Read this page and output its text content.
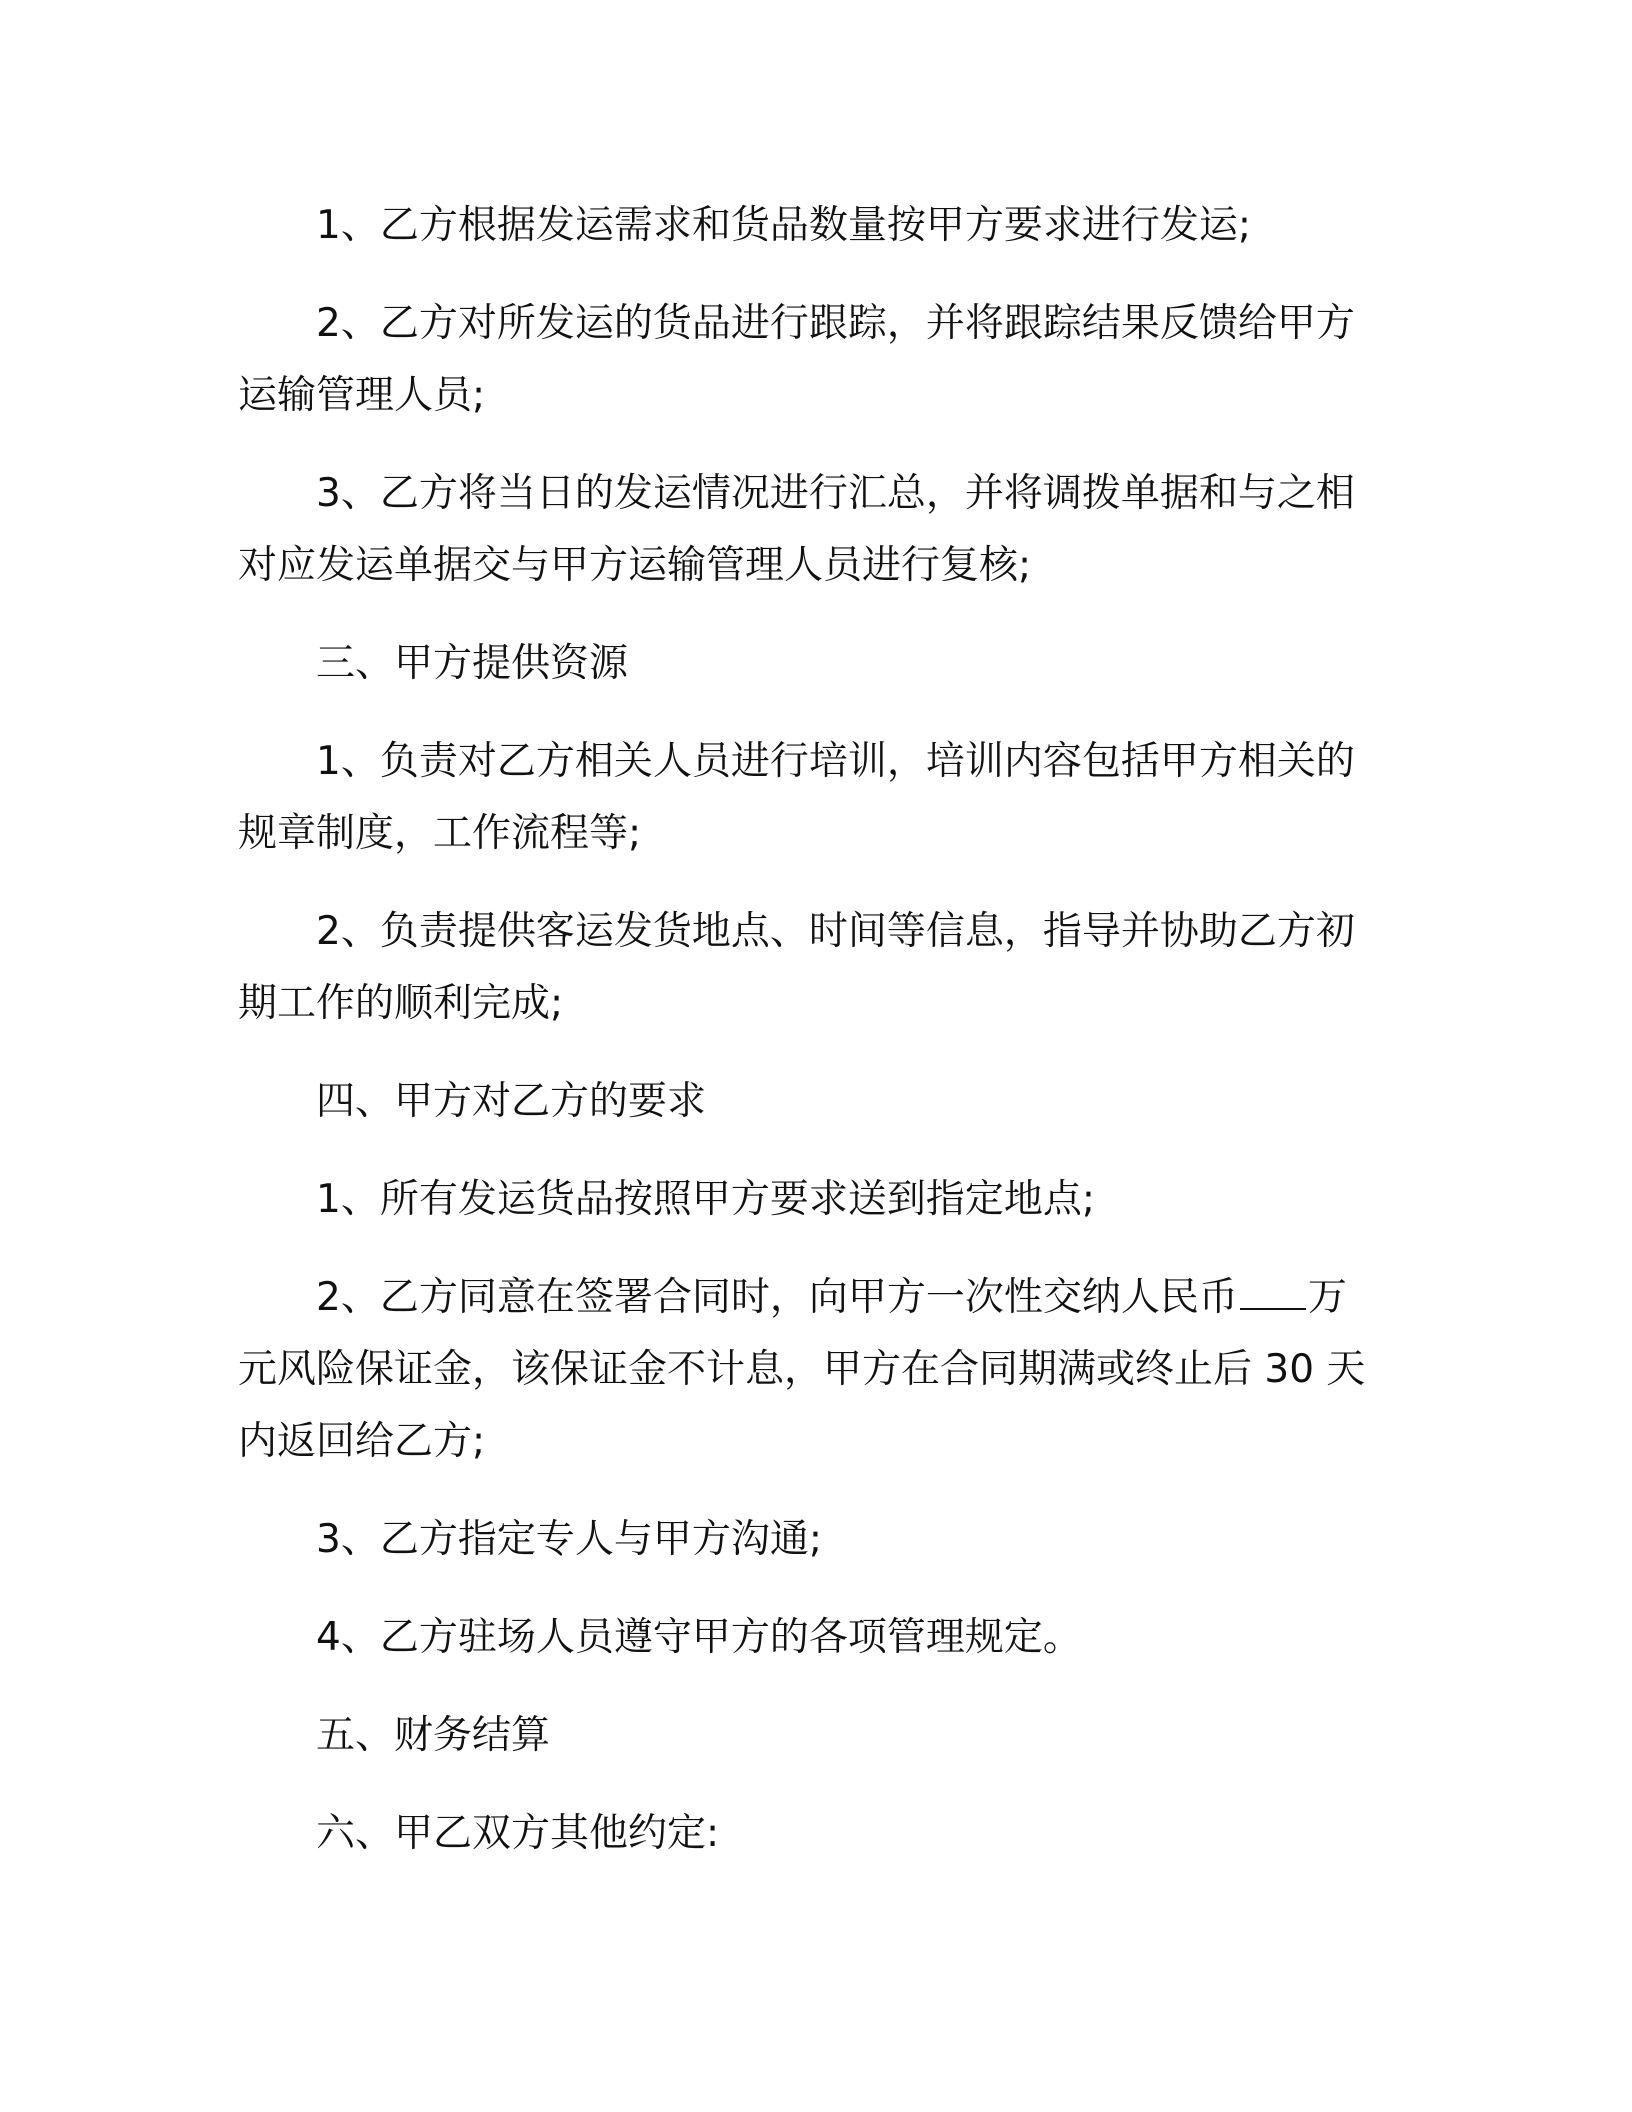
1、乙方根据发运需求和货品数量按甲方要求进行发运;

2、乙方对所发运的货品进行跟踪，并将跟踪结果反馈给甲方运输管理人员;

3、乙方将当日的发运情况进行汇总，并将调拨单据和与之相对应发运单据交与甲方运输管理人员进行复核;

三、甲方提供资源

1、负责对乙方相关人员进行培训，培训内容包括甲方相关的规章制度，工作流程等;

2、负责提供客运发货地点、时间等信息，指导并协助乙方初期工作的顺利完成;

四、甲方对乙方的要求

1、所有发运货品按照甲方要求送到指定地点;

2、乙方同意在签署合同时，向甲方一次性交纳人民币 万元风险保证金，该保证金不计息，甲方在合同期满或终止后 30 天内返回给乙方;

3、乙方指定专人与甲方沟通;

4、乙方驻场人员遵守甲方的各项管理规定。

五、财务结算

六、甲乙双方其他约定:
